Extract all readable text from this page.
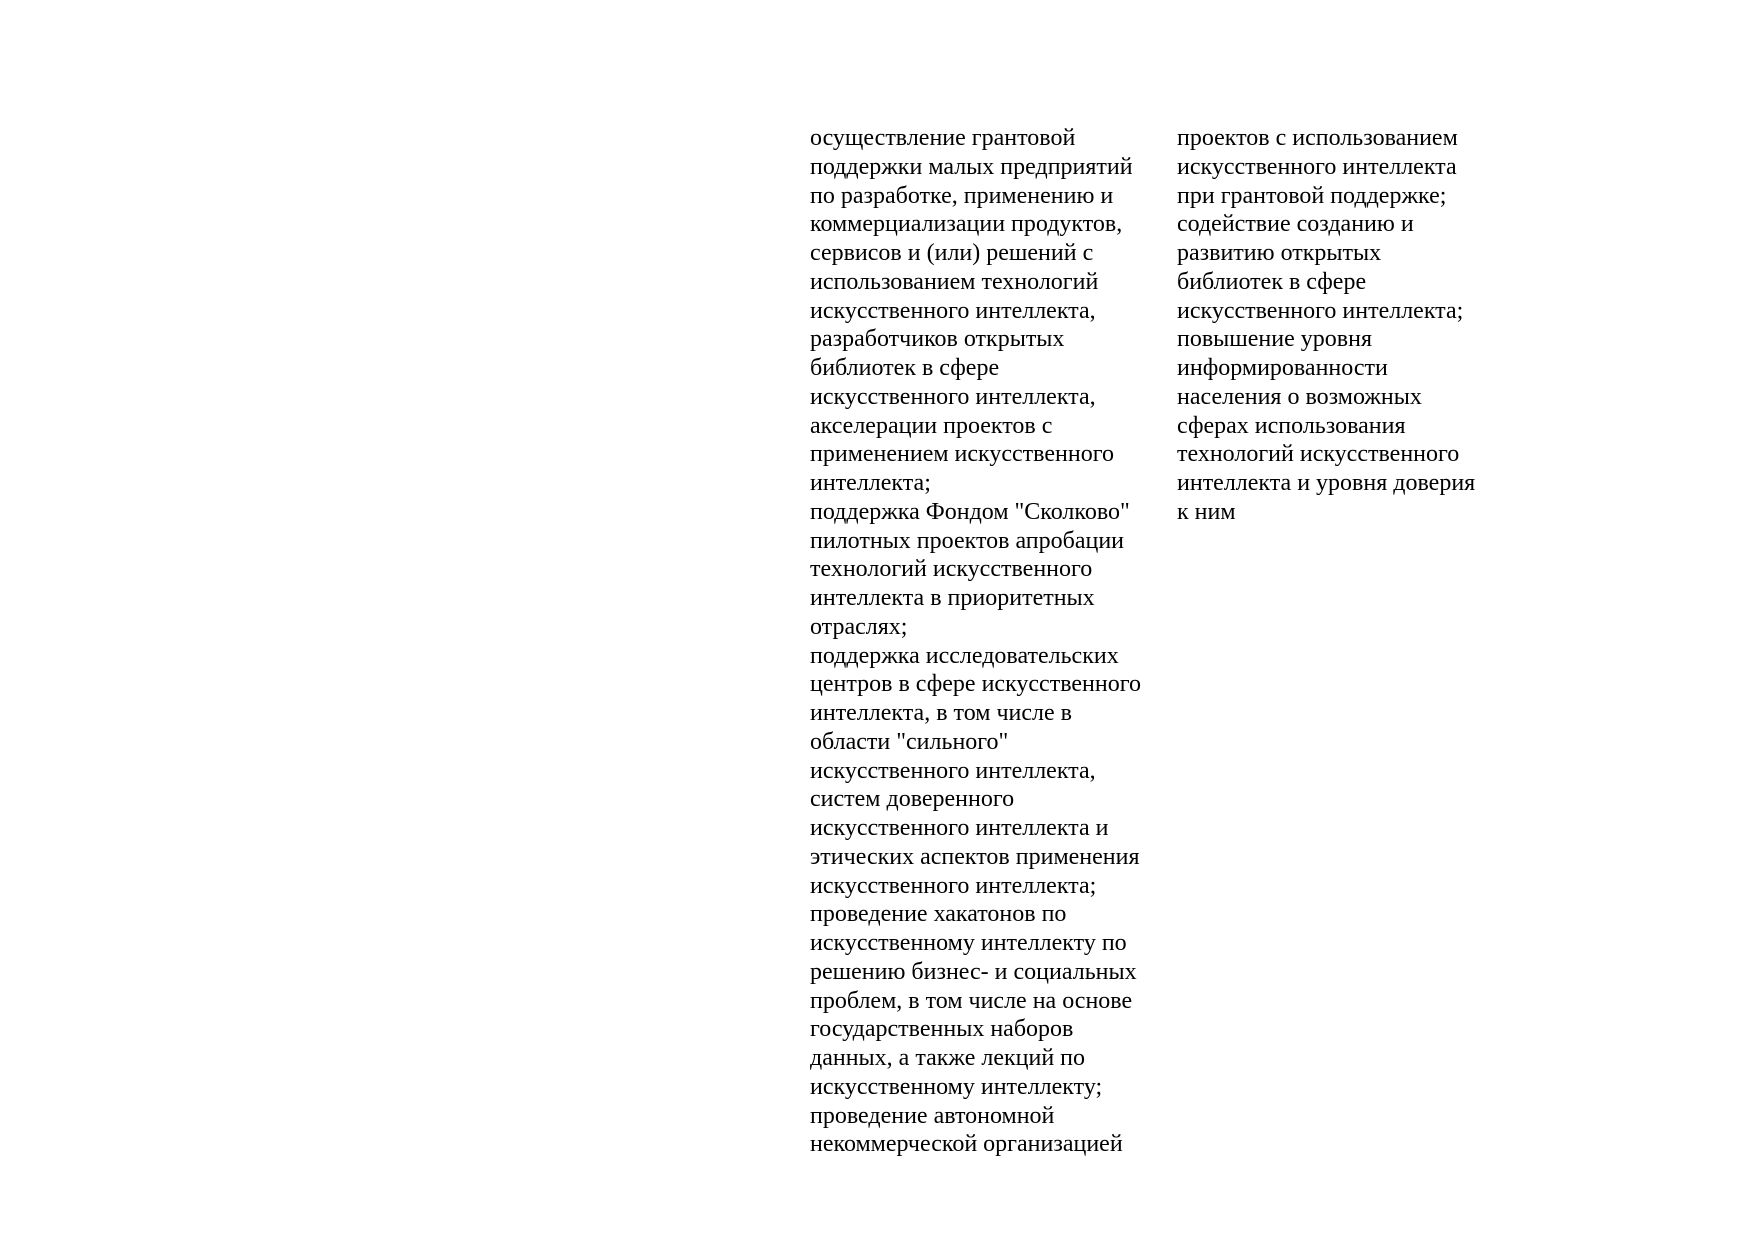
осуществление грантовой
поддержки малых предприятий
по разработке, применению и
коммерциализации продуктов,
сервисов и (или) решений с
использованием технологий
искусственного интеллекта,
разработчиков открытых
библиотек в сфере
искусственного интеллекта,
акселерации проектов с
применением искусственного
интеллекта;
поддержка Фондом "Сколково"
пилотных проектов апробации
технологий искусственного
интеллекта в приоритетных
отраслях;
поддержка исследовательских
центров в сфере искусственного
интеллекта, в том числе в
области "сильного"
искусственного интеллекта,
систем доверенного
искусственного интеллекта и
этических аспектов применения
искусственного интеллекта;
проведение хакатонов по
искусственному интеллекту по
решению бизнес- и социальных
проблем, в том числе на основе
государственных наборов
данных, а также лекций по
искусственному интеллекту;
проведение автономной
некоммерческой организацией
проектов с использованием
искусственного интеллекта
при грантовой поддержке;
содействие созданию и
развитию открытых
библиотек в сфере
искусственного интеллекта;
повышение уровня
информированности
населения о возможных
сферах использования
технологий искусственного
интеллекта и уровня доверия
к ним
